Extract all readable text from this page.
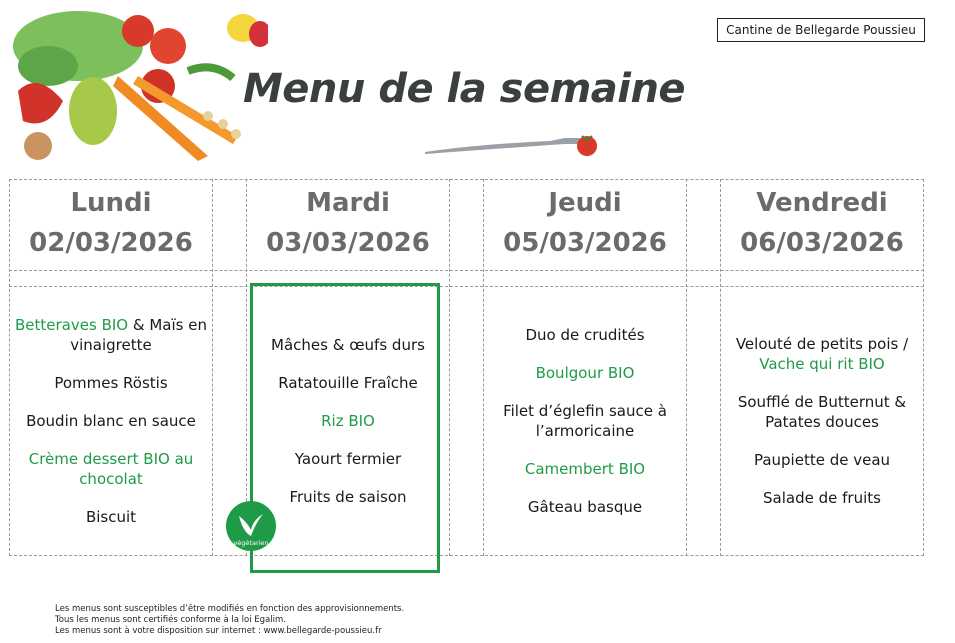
Cantine de Bellegarde Poussieu
Menu de la semaine
Lundi
02/03/2026
Mardi
03/03/2026
Jeudi
05/03/2026
Vendredi
06/03/2026
Betteraves BIO & Maïs en vinaigrette
Pommes Röstis
Boudin blanc en sauce
Crème dessert BIO au chocolat
Biscuit
Mâches & œufs durs
Ratatouille Fraîche
Riz BIO
Yaourt fermier
Fruits de saison
Duo de crudités
Boulgour BIO
Filet d’églefin sauce à l’armoricaine
Camembert BIO
Gâteau basque
Velouté de petits pois / Vache qui rit BIO
Soufflé de Butternut & Patates douces
Paupiette de veau
Salade de fruits
végétarien
Les menus sont susceptibles d’être modifiés en fonction des approvisionnements.
Tous les menus sont certifiés conforme à la loi Egalim.
Les menus sont à votre disposition sur internet : www.bellegarde-poussieu.fr
